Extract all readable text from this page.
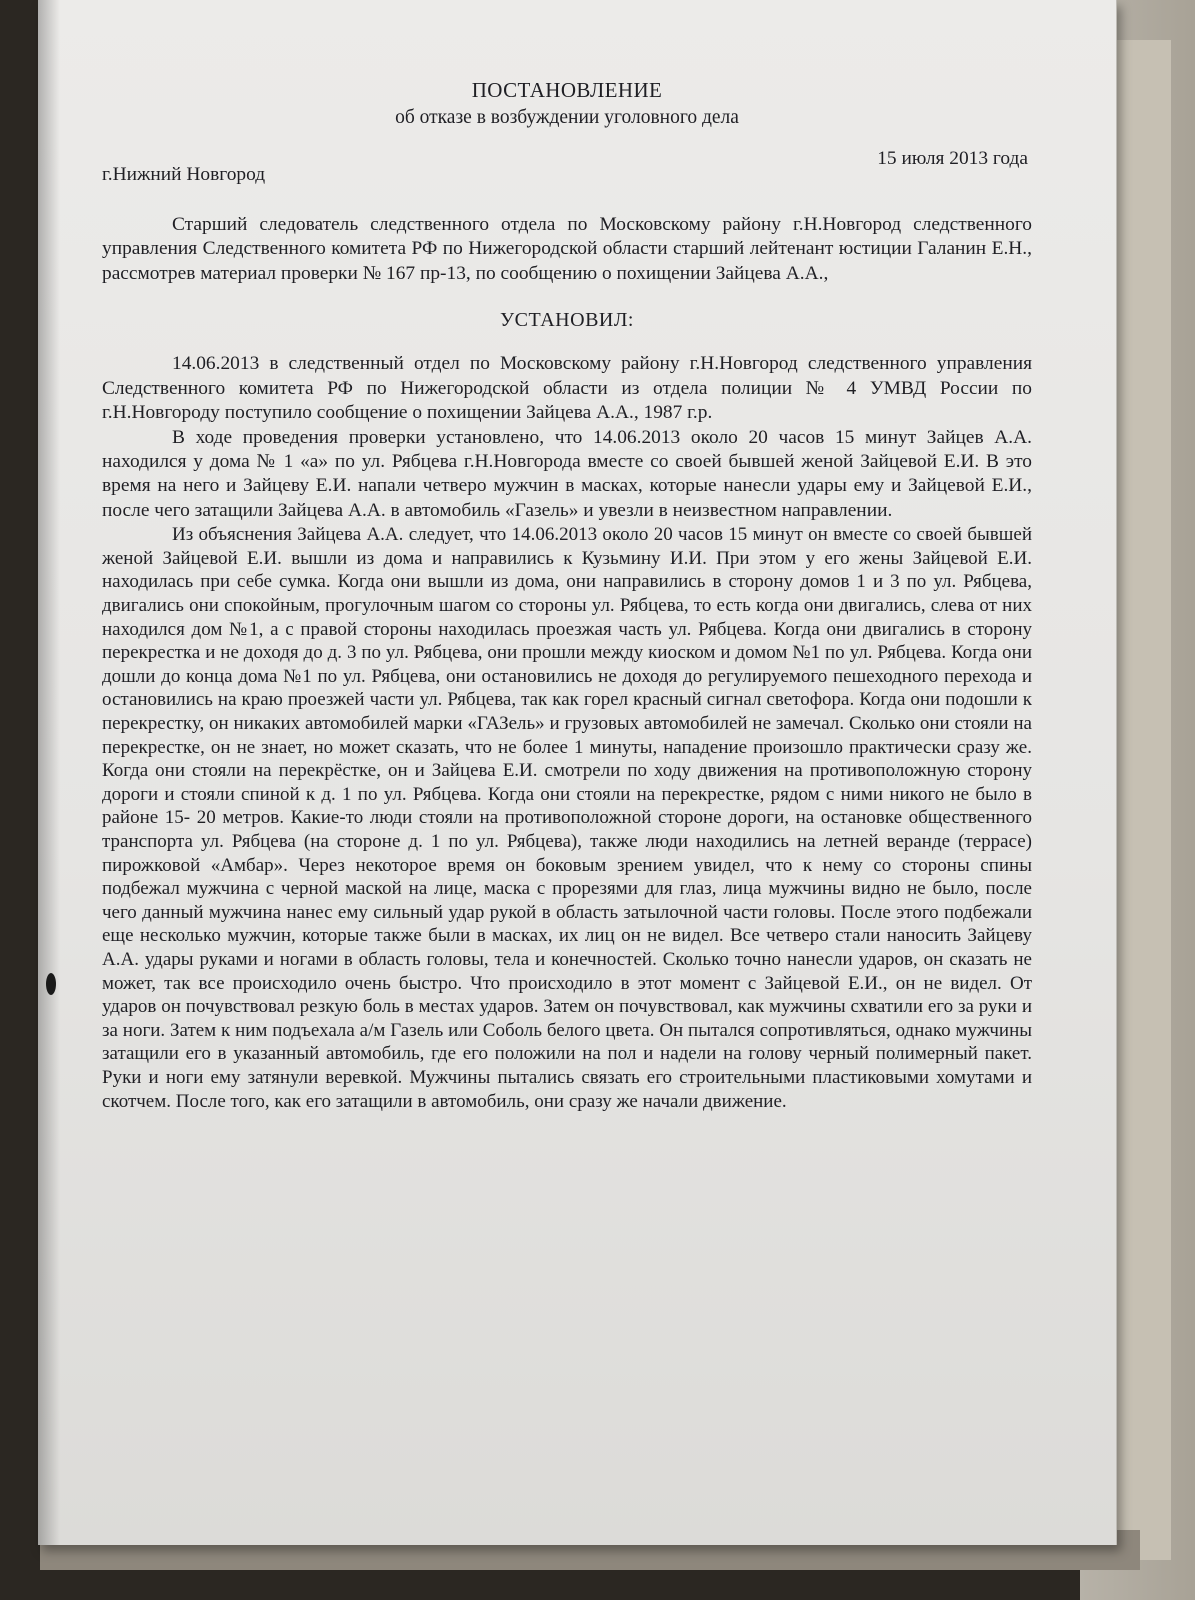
ПОСТАНОВЛЕНИЕ
об отказе в возбуждении уголовного дела
г.Нижний Новгород
15 июля 2013 года

Старший следователь следственного отдела по Московскому району г.Н.Новгород следственного управления Следственного комитета РФ по Нижегородской области старший лейтенант юстиции Галанин Е.Н., рассмотрев материал проверки № 167 пр-13, по сообщению о похищении Зайцева А.А.,

УСТАНОВИЛ:

14.06.2013 в следственный отдел по Московскому району г.Н.Новгород следственного управления Следственного комитета РФ по Нижегородской области из отдела полиции № 4 УМВД России по г.Н.Новгороду поступило сообщение о похищении Зайцева А.А., 1987 г.р.

В ходе проведения проверки установлено, что 14.06.2013 около 20 часов 15 минут Зайцев А.А. находился у дома № 1 «а» по ул. Рябцева г.Н.Новгорода вместе со своей бывшей женой Зайцевой Е.И. В это время на него и Зайцеву Е.И. напали четверо мужчин в масках, которые нанесли удары ему и Зайцевой Е.И., после чего затащили Зайцева А.А. в автомобиль «Газель» и увезли в неизвестном направлении.

Из объяснения Зайцева А.А. следует, что 14.06.2013 около 20 часов 15 минут он вместе со своей бывшей женой Зайцевой Е.И. вышли из дома и направились к Кузьмину И.И. При этом у его жены Зайцевой Е.И. находилась при себе сумка. Когда они вышли из дома, они направились в сторону домов 1 и 3 по ул. Рябцева, двигались они спокойным, прогулочным шагом со стороны ул. Рябцева, то есть когда они двигались, слева от них находился дом №1, а с правой стороны находилась проезжая часть ул. Рябцева. Когда они двигались в сторону перекрестка и не доходя до д. 3 по ул. Рябцева, они прошли между киоском и домом №1 по ул. Рябцева. Когда они дошли до конца дома №1 по ул. Рябцева, они остановились не доходя до регулируемого пешеходного перехода и остановились на краю проезжей части ул. Рябцева, так как горел красный сигнал светофора. Когда они подошли к перекрестку, он никаких автомобилей марки «ГАЗель» и грузовых автомобилей не замечал. Сколько они стояли на перекрестке, он не знает, но может сказать, что не более 1 минуты, нападение произошло практически сразу же. Когда они стояли на перекрёстке, он и Зайцева Е.И. смотрели по ходу движения на противоположную сторону дороги и стояли спиной к д. 1 по ул. Рябцева. Когда они стояли на перекрестке, рядом с ними никого не было в районе 15- 20 метров. Какие-то люди стояли на противоположной стороне дороги, на остановке общественного транспорта ул. Рябцева (на стороне д. 1 по ул. Рябцева), также люди находились на летней веранде (террасе) пирожковой «Амбар». Через некоторое время он боковым зрением увидел, что к нему со стороны спины подбежал мужчина с черной маской на лице, маска с прорезями для глаз, лица мужчины видно не было, после чего данный мужчина нанес ему сильный удар рукой в область затылочной части головы. После этого подбежали еще несколько мужчин, которые также были в масках, их лиц он не видел. Все четверо стали наносить Зайцеву А.А. удары руками и ногами в область головы, тела и конечностей. Сколько точно нанесли ударов, он сказать не может, так все происходило очень быстро. Что происходило в этот момент с Зайцевой Е.И., он не видел. От ударов он почувствовал резкую боль в местах ударов. Затем он почувствовал, как мужчины схватили его за руки и за ноги. Затем к ним подъехала а/м Газель или Соболь белого цвета. Он пытался сопротивляться, однако мужчины затащили его в указанный автомобиль, где его положили на пол и надели на голову черный полимерный пакет. Руки и ноги ему затянули веревкой. Мужчины пытались связать его строительными пластиковыми хомутами и скотчем. После того, как его затащили в автомобиль, они сразу же начали движение.
